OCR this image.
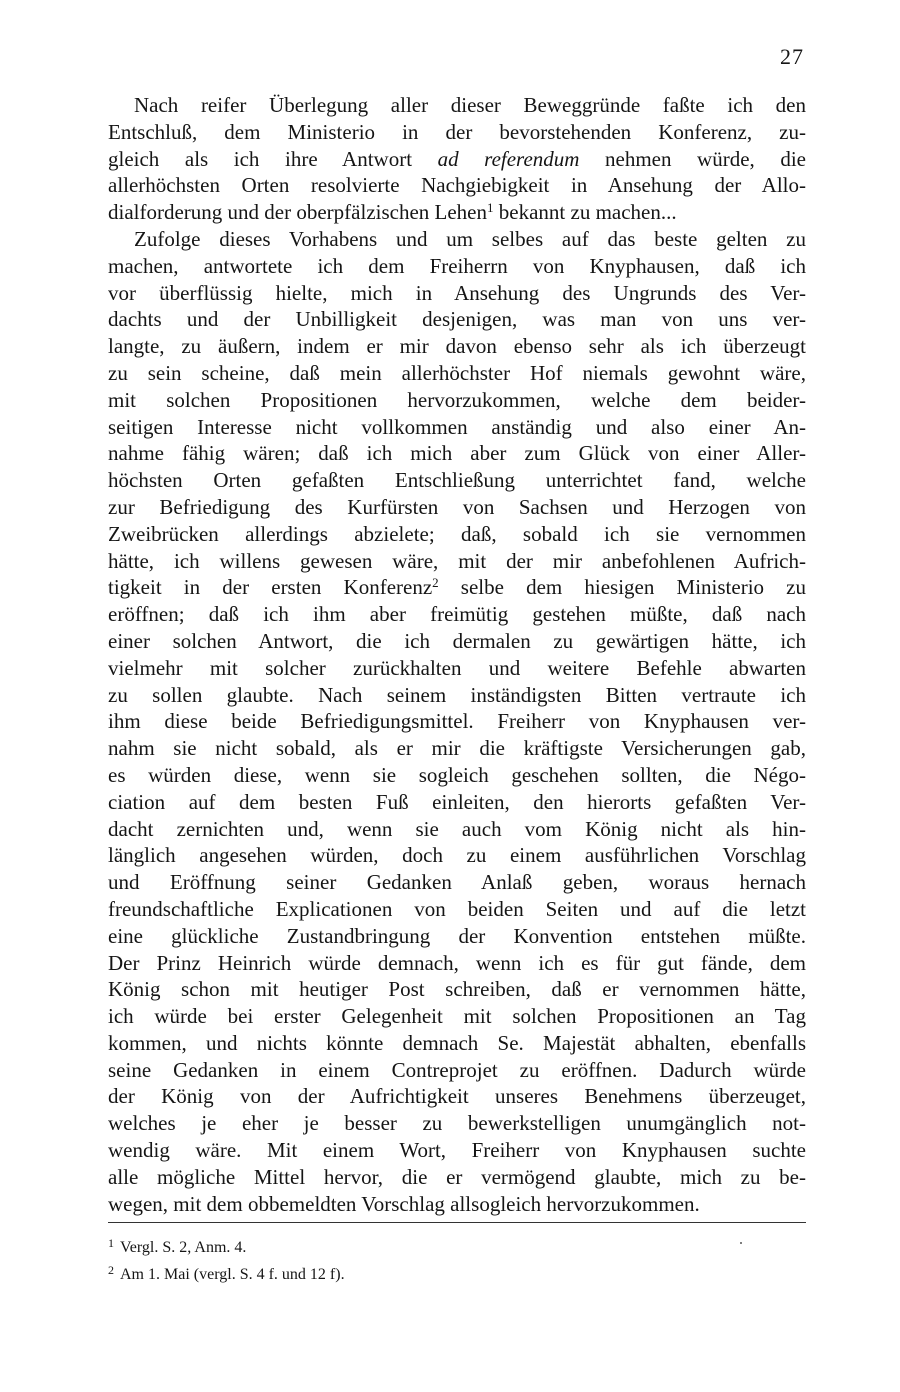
27
Nach reifer Überlegung aller dieser Beweggründe faßte ich den
Entschluß, dem Ministerio in der bevorstehenden Konferenz, zu-
gleich als ich ihre Antwort ad referendum nehmen würde, die
allerhöchsten Orten resolvierte Nachgiebigkeit in Ansehung der Allo-
dialforderung und der oberpfälzischen Lehen$^1$ bekannt zu machen...
Zufolge dieses Vorhabens und um selbes auf das beste gelten zu
machen, antwortete ich dem Freiherrn von Knyphausen, daß ich
vor überflüssig hielte, mich in Ansehung des Ungrunds des Ver-
dachts und der Unbilligkeit desjenigen, was man von uns ver-
langte, zu äußern, indem er mir davon ebenso sehr als ich überzeugt
zu sein scheine, daß mein allerhöchster Hof niemals gewohnt wäre,
mit solchen Propositionen hervorzukommen, welche dem beider-
seitigen Interesse nicht vollkommen anständig und also einer An-
nahme fähig wären; daß ich mich aber zum Glück von einer Aller-
höchsten Orten gefaßten Entschließung unterrichtet fand, welche
zur Befriedigung des Kurfürsten von Sachsen und Herzogen von
Zweibrücken allerdings abzielete; daß, sobald ich sie vernommen
hätte, ich willens gewesen wäre, mit der mir anbefohlenen Aufrich-
tigkeit in der ersten Konferenz$^2$ selbe dem hiesigen Ministerio zu
eröffnen; daß ich ihm aber freimütig gestehen müßte, daß nach
einer solchen Antwort, die ich dermalen zu gewärtigen hätte, ich
vielmehr mit solcher zurückhalten und weitere Befehle abwarten
zu sollen glaubte. Nach seinem inständigsten Bitten vertraute ich
ihm diese beide Befriedigungsmittel. Freiherr von Knyphausen ver-
nahm sie nicht sobald, als er mir die kräftigste Versicherungen gab,
es würden diese, wenn sie sogleich geschehen sollten, die Négo-
ciation auf dem besten Fuß einleiten, den hierorts gefaßten Ver-
dacht zernichten und, wenn sie auch vom König nicht als hin-
länglich angesehen würden, doch zu einem ausführlichen Vorschlag
und Eröffnung seiner Gedanken Anlaß geben, woraus hernach
freundschaftliche Explicationen von beiden Seiten und auf die letzt
eine glückliche Zustandbringung der Konvention entstehen müßte.
Der Prinz Heinrich würde demnach, wenn ich es für gut fände, dem
König schon mit heutiger Post schreiben, daß er vernommen hätte,
ich würde bei erster Gelegenheit mit solchen Propositionen an Tag
kommen, und nichts könnte demnach Se. Majestät abhalten, ebenfalls
seine Gedanken in einem Contreprojet zu eröffnen. Dadurch würde
der König von der Aufrichtigkeit unseres Benehmens überzeuget,
welches je eher je besser zu bewerkstelligen unumgänglich not-
wendig wäre. Mit einem Wort, Freiherr von Knyphausen suchte
alle mögliche Mittel hervor, die er vermögend glaubte, mich zu be-
wegen, mit dem obbemeldten Vorschlag allsogleich hervorzukommen.
$^1$ Vergl. S. 2, Anm. 4.
$^2$ Am 1. Mai (vergl. S. 4 f. und 12 f).
